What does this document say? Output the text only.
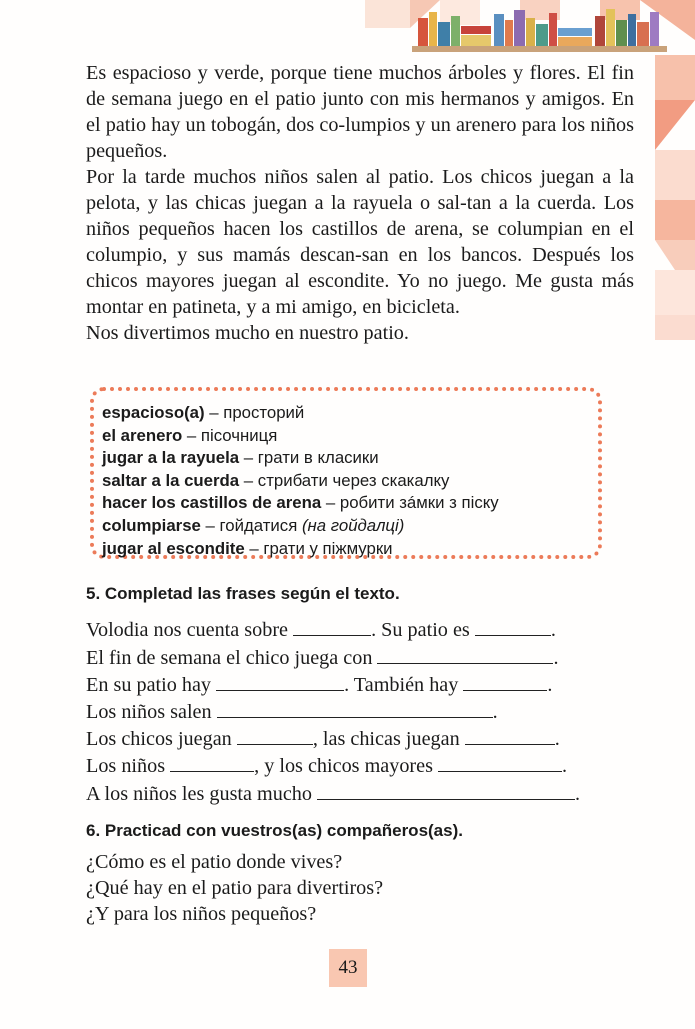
Es espacioso y verde, porque tiene muchos árboles y flores. El fin de semana juego en el patio junto con mis hermanos y amigos. En el patio hay un tobogán, dos co-lumpios y un arenero para los niños pequeños.

Por la tarde muchos niños salen al patio. Los chicos juegan a la pelota, y las chicas juegan a la rayuela o sal-tan a la cuerda. Los niños pequeños hacen los castillos de arena, se columpian en el columpio, y sus mamás descan-san en los bancos. Después los chicos mayores juegan al escondite. Yo no juego. Me gusta más montar en patineta, y a mi amigo, en bicicleta.

Nos divertimos mucho en nuestro patio.

espacioso(a) – просторий
el arenero – пісочниця
jugar a la rayuela – грати в класики
saltar a la cuerda – стрибати через скакалку
hacer los castillos de arena – робити зáмки з піску
columpiarse – гойдатися (на гойдалці)
jugar al escondite – грати у піжмурки
5. Completad las frases según el texto.
Volodia nos cuenta sobre	. Su patio es	.
El fin de semana el chico juega con	.
En su patio hay	. También hay	.
Los niños salen	.
Los chicos juegan	, las chicas juegan	.
Los niños	, y los chicos mayores	.
A los niños les gusta mucho	.
6. Practicad con vuestros(as) compañeros(as).
¿Cómo es el patio donde vives?
¿Qué hay en el patio para divertiros?
¿Y para los niños pequeños?
43
